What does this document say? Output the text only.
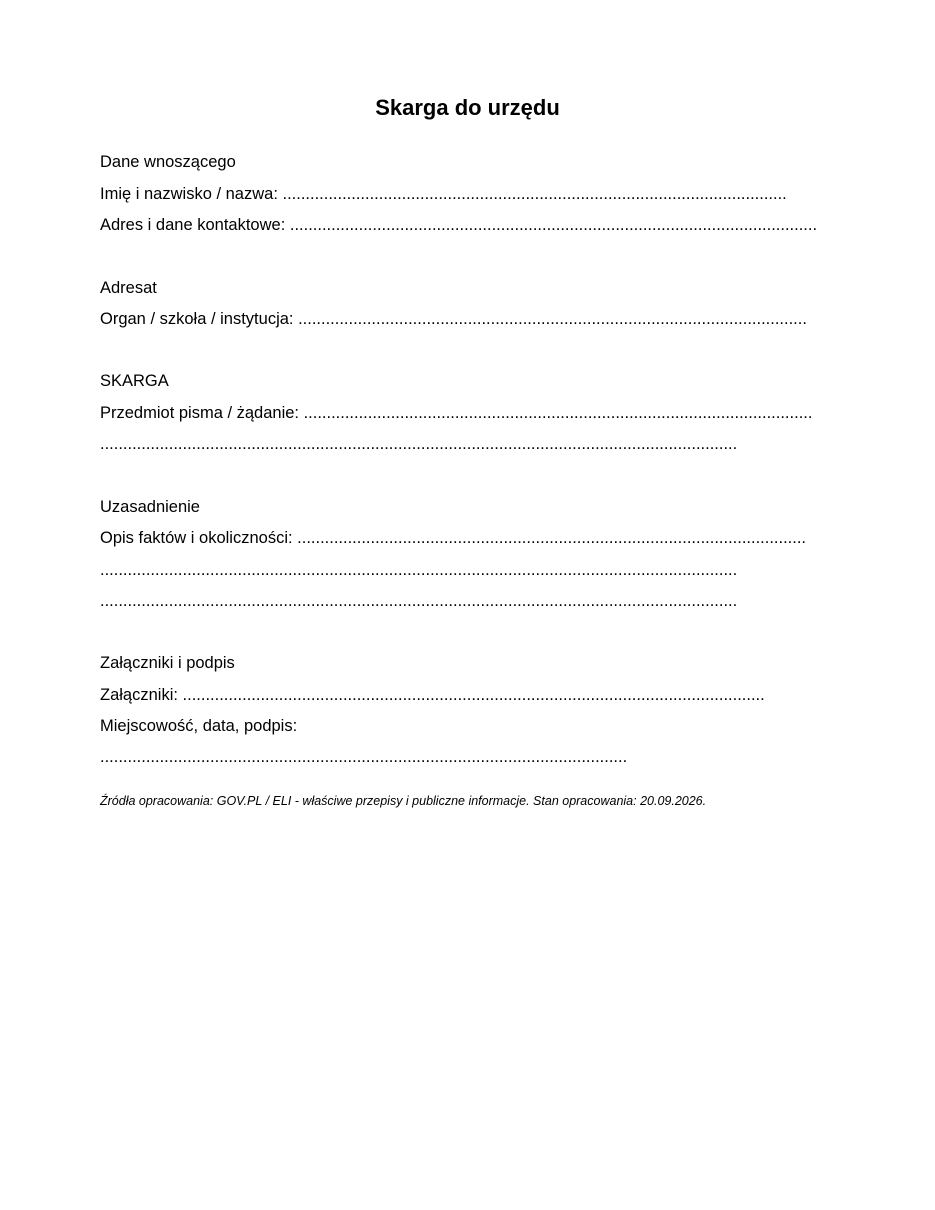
Skarga do urzędu
Dane wnoszącego
Imię i nazwisko / nazwa: ..............................................................................................................
Adres i dane kontaktowe: ...................................................................................................................
Adresat
Organ / szkoła / instytucja: ...............................................................................................................
SKARGA
Przedmiot pisma / żądanie: ...............................................................................................................
...........................................................................................................................................
Uzasadnienie
Opis faktów i okoliczności: ...............................................................................................................
...........................................................................................................................................
...........................................................................................................................................
Załączniki i podpis
Załączniki: ...............................................................................................................................
Miejscowość, data, podpis:
...................................................................................................................
Źródła opracowania: GOV.PL / ELI - właściwe przepisy i publiczne informacje. Stan opracowania: 20.09.2026.
